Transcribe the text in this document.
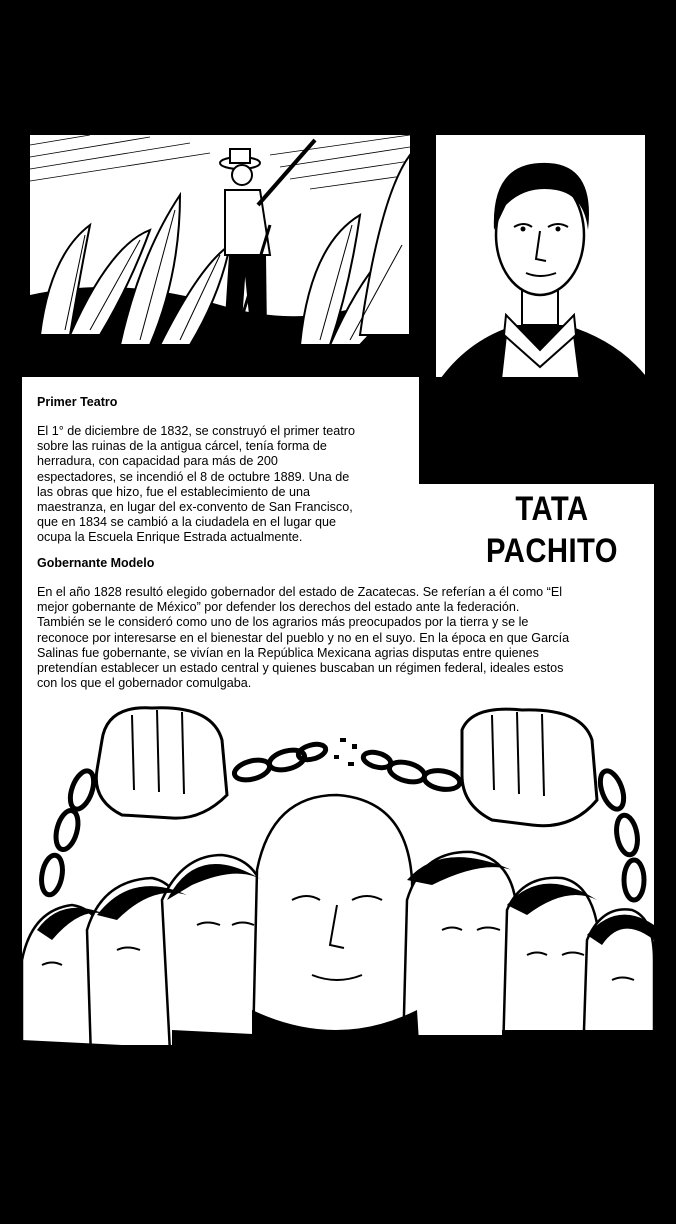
Primer Teatro
El 1° de diciembre de 1832, se construyó el primer teatro
sobre las ruinas de la antigua cárcel, tenía forma de
herradura, con capacidad para más de 200
espectadores, se incendió el 8 de octubre 1889. Una de
las obras que hizo, fue el establecimiento de una
maestranza, en lugar del ex-convento de San Francisco,
que en 1834 se cambió a la ciudadela en el lugar que
ocupa la Escuela Enrique Estrada actualmente.
TATA
PACHITO
Gobernante Modelo
En el año 1828 resultó elegido gobernador del estado de Zacatecas. Se referían a él como “El
mejor gobernante de México” por defender los derechos del estado ante la federación.
También se le consideró como uno de los agrarios más preocupados por la tierra y se le
reconoce por interesarse en el bienestar del pueblo y no en el suyo. En la época en que García
Salinas fue gobernante, se vivían en la República Mexicana agrias disputas entre quienes
pretendían establecer un estado central y quienes buscaban un régimen federal, ideales estos
con los que el gobernador comulgaba.
